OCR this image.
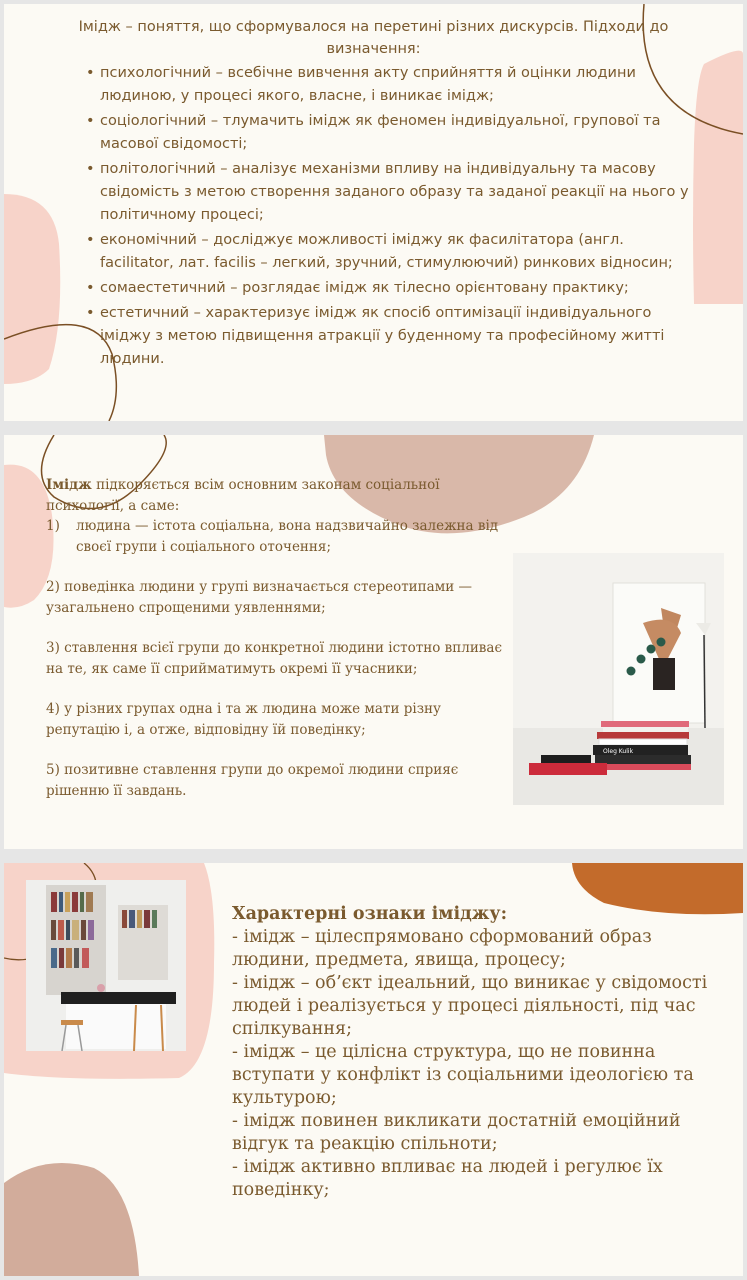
Імідж – поняття, що сформувалося на перетині різних дискурсів. Підходи до визначення:
• психологічний – всебічне вивчення акту сприйняття й оцінки людини людиною, у процесі якого, власне, і виникає імідж;
• соціологічний – тлумачить імідж як феномен індивідуальної, групової та масової свідомості;
• політологічний – аналізує механізми впливу на індивідуальну та масову свідомість з метою створення заданого образу та заданої реакції на нього у політичному процесі;
• економічний – досліджує можливості іміджу як фасилітатора (англ. facilitator, лат. facilis – легкий, зручний, стимулюючий) ринкових відносин;
• сомаестетичний – розглядає імідж як тілесно орієнтовану практику;
• естетичний – характеризує імідж як спосіб оптимізації індивідуального іміджу з метою підвищення атракції у буденному та професійному житті людини.

Імідж підкоряється всім основним законам соціальної психології, а саме:

1)	людина — істота соціальна, вона надзвичайно залежна від своєї групи і соціального оточення;

2) поведінка людини у групі визначається стереотипами — узагальнено спрощеними уявленнями;

3) ставлення всієї групи до конкретної людини істотно впливає на те, як саме її сприйматимуть окремі її учасники;

4) у різних групах одна і та ж людина може мати різну репутацію і, а отже, відповідну їй поведінку;

5) позитивне ставлення групи до окремої людини сприяє рішенню її завдань.

Oleg Kulik

Характерні ознаки іміджу:

- імідж – цілеспрямовано сформований образ людини, предмета, явища, процесу;

- імідж – об’єкт ідеальний, що виникає у свідомості людей і реалізується у процесі діяльності, під час спілкування;

- імідж – це цілісна структура, що не повинна вступати у конфлікт із соціальними ідеологією та культурою;

- імідж повинен викликати достатній емоційний відгук та реакцію спільноти;

- імідж активно впливає на людей і регулює їх поведінку;
